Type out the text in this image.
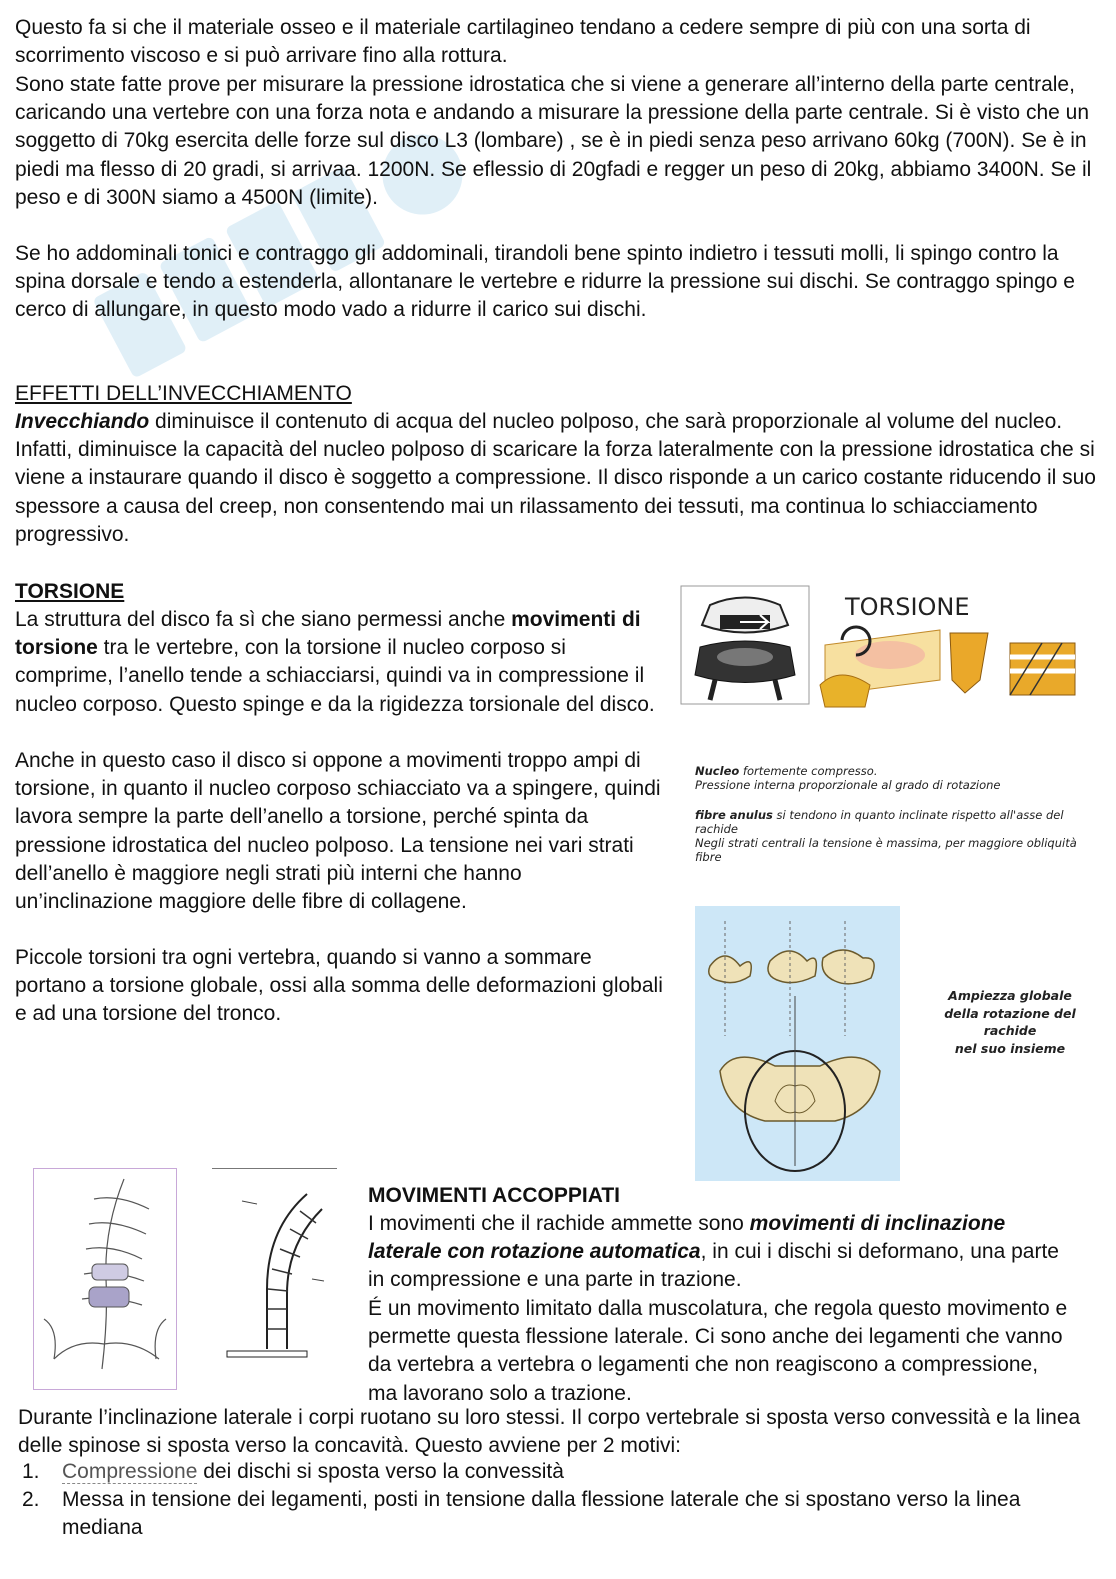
Questo fa si che il materiale osseo e il materiale cartilagineo tendano a cedere sempre di più con una sorta di scorrimento viscoso e si può arrivare fino alla rottura.

Sono state fatte prove per misurare la pressione idrostatica che si viene a generare all’interno della parte centrale, caricando una vertebre con una forza nota e andando a misurare la pressione della parte centrale. Si è visto che un soggetto di 70kg esercita delle forze sul disco L3 (lombare) , se è in piedi senza peso arrivano 60kg (700N). Se è in piedi ma flesso di 20 gradi, si arrivaa. 1200N. Se eflessio di 20gfadi e regger un peso di 20kg, abbiamo 3400N. Se il peso e di 300N siamo a 4500N (limite).

Se ho addominali tonici e contraggo gli addominali, tirandoli bene spinto indietro i tessuti molli, li spingo contro la spina dorsale e tendo a estenderla, allontanare le vertebre e ridurre la pressione sui dischi. Se contraggo spingo e cerco di allungare, in questo modo vado a ridurre il carico sui dischi.

EFFETTI DELL’INVECCHIAMENTO

Invecchiando diminuisce il contenuto di acqua del nucleo polposo, che sarà proporzionale al volume del nucleo. Infatti, diminuisce la capacità del nucleo polposo di scaricare la forza lateralmente con la pressione idrostatica che si viene a instaurare quando il disco è soggetto a compressione. Il disco risponde a un carico costante riducendo il suo spessore a causa del creep, non consentendo mai un rilassamento dei tessuti, ma continua lo schiacciamento progressivo.

TORSIONE

La struttura del disco fa sì che siano permessi anche movimenti di torsione tra le vertebre, con la torsione il nucleo corposo si comprime, l’anello tende a schiacciarsi, quindi va in compressione il nucleo corposo. Questo spinge e da la rigidezza torsionale del disco.

Anche in questo caso il disco si oppone a movimenti troppo ampi di torsione, in quanto il nucleo corposo schiacciato va a spingere, quindi lavora sempre la parte dell’anello a torsione, perché spinta da pressione idrostatica del nucleo polposo. La tensione nei vari strati dell’anello è maggiore negli strati più interni che hanno un’inclinazione maggiore delle fibre di collagene.

Piccole torsioni tra ogni vertebra, quando si vanno a sommare portano a torsione globale, ossi alla somma delle deformazioni globali e ad una torsione del tronco.

TORSIONE
Nucleo fortemente compresso.
Pressione interna proporzionale al grado di rotazione
fibre anulus si tendono in quanto inclinate rispetto all'asse del rachide
Negli strati centrali la tensione è massima, per maggiore obliquità fibre
Ampiezza globale
della rotazione del
rachide
nel suo insieme

MOVIMENTI ACCOPPIATI

I movimenti che il rachide ammette sono movimenti di inclinazione laterale con rotazione automatica, in cui i dischi si deformano, una parte in compressione e una parte in trazione.

É un movimento limitato dalla muscolatura, che regola questo movimento e permette questa flessione laterale. Ci sono anche dei legamenti che vanno da vertebra a vertebra o legamenti che non reagiscono a compressione, ma lavorano solo a trazione.

Durante l’inclinazione laterale i corpi ruotano su loro stessi. Il corpo vertebrale si sposta verso convessità e la linea delle spinose si sposta verso la concavità. Questo avviene per 2 motivi:

1. Compressione dei dischi si sposta verso la convessità
2. Messa in tensione dei legamenti, posti in tensione dalla flessione laterale che si spostano verso la linea mediana
